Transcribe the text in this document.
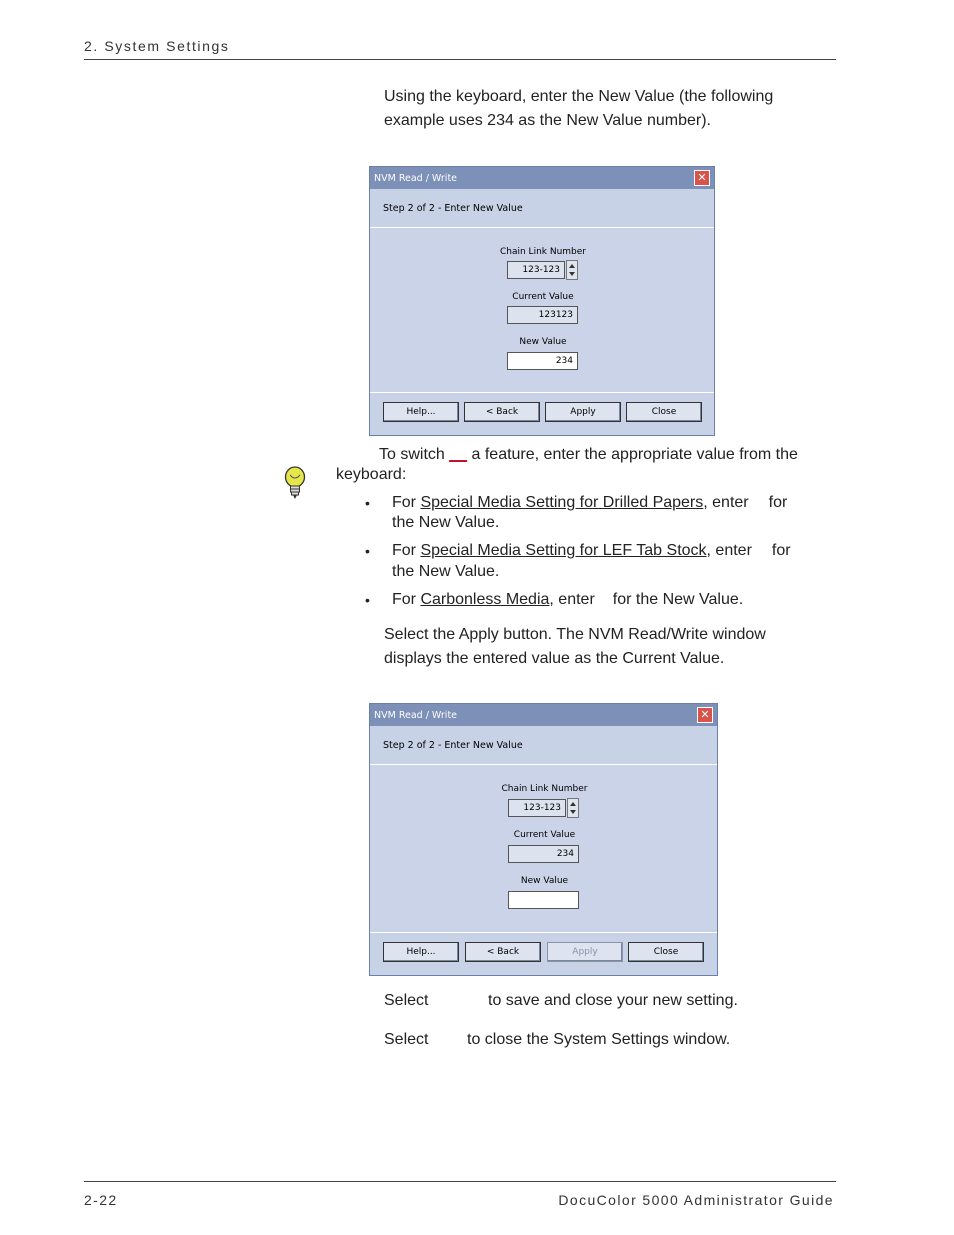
2. System Settings
Using the keyboard, enter the New Value (the following
example uses 234 as the New Value number).
NVM Read / Write	✕
Step 2 of 2 - Enter New Value
Chain Link Number
123-123
Current Value
123123
New Value
234
Help...	< Back	Apply	Close
To switch __ a feature, enter the appropriate value from the
keyboard:
• For Special Media Setting for Drilled Papers, enter for
the New Value.
• For Special Media Setting for LEF Tab Stock, enter for
the New Value.
• For Carbonless Media, enter for the New Value.
Select the Apply button. The NVM Read/Write window
displays the entered value as the Current Value.
NVM Read / Write	✕
Step 2 of 2 - Enter New Value
Chain Link Number
123-123
Current Value
234
New Value
Help...	< Back	Apply	Close
Select	to save and close your new setting.
Select to close the System Settings window.
2-22	DocuColor 5000 Administrator Guide
